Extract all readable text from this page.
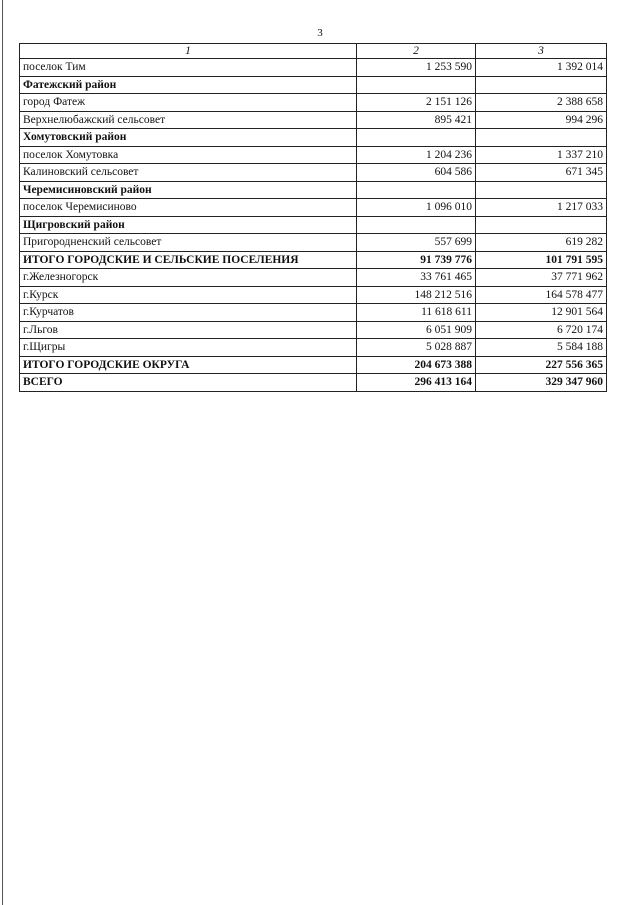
3
1	2	3
поселок Тим	1 253 590	1 392 014
Фатежский район		
город Фатеж	2 151 126	2 388 658
Верхнелюбажский сельсовет	895 421	994 296
Хомутовский район		
поселок Хомутовка	1 204 236	1 337 210
Калиновский сельсовет	604 586	671 345
Черемисиновский район		
поселок Черемисиново	1 096 010	1 217 033
Щигровский район		
Пригородненский сельсовет	557 699	619 282
ИТОГО ГОРОДСКИЕ И СЕЛЬСКИЕ ПОСЕЛЕНИЯ	91 739 776	101 791 595
г.Железногорск	33 761 465	37 771 962
г.Курск	148 212 516	164 578 477
г.Курчатов	11 618 611	12 901 564
г.Льгов	6 051 909	6 720 174
г.Щигры	5 028 887	5 584 188
ИТОГО ГОРОДСКИЕ ОКРУГА	204 673 388	227 556 365
ВСЕГО	296 413 164	329 347 960
